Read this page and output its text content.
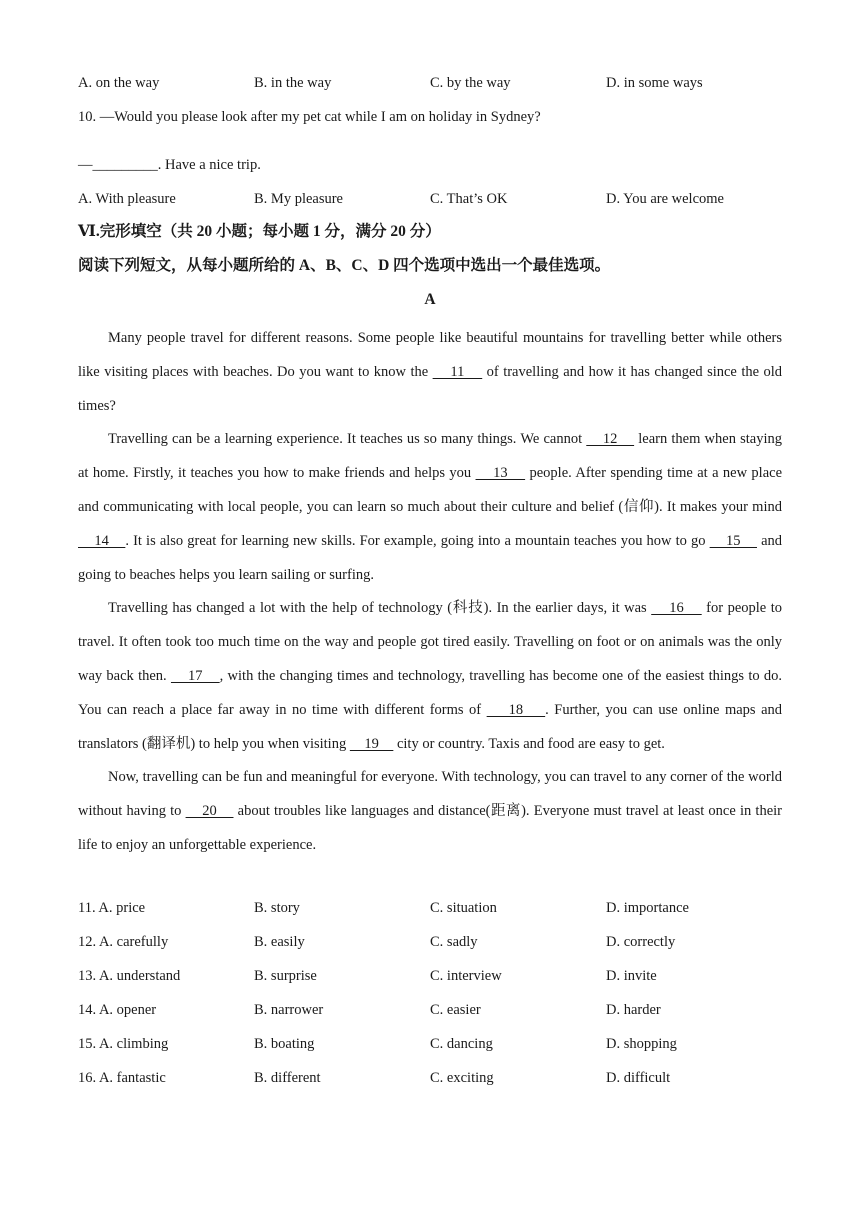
A. on the way	B. in the way	C. by the way	D. in some ways
10. —Would you please look after my pet cat while I am on holiday in Sydney?
—_________. Have a nice trip.
A. With pleasure	B. My pleasure	C. That’s OK	D. You are welcome
Ⅵ.完形填空（共 20 小题；每小题 1 分，满分 20 分）
阅读下列短文，从每小题所给的 A、B、C、D 四个选项中选出一个最佳选项。
A

Many people travel for different reasons. Some people like beautiful mountains for travelling better while others like visiting places with beaches. Do you want to know the     11     of travelling and how it has changed since the old times?

Travelling can be a learning experience. It teaches us so many things. We cannot     12     learn them when staying at home. Firstly, it teaches you how to make friends and helps you     13     people. After spending time at a new place and communicating with local people, you can learn so much about their culture and belief (信仰). It makes your mind     14    . It is also great for learning new skills. For example, going into a mountain teaches you how to go     15     and going to beaches helps you learn sailing or surfing.

Travelling has changed a lot with the help of technology (科技). In the earlier days, it was     16     for people to travel. It often took too much time on the way and people got tired easily. Travelling on foot or on animals was the only way back then.     17    , with the changing times and technology, travelling has become one of the easiest things to do. You can reach a place far away in no time with different forms of     18    . Further, you can use online maps and translators (翻译机) to help you when visiting     19     city or country. Taxis and food are easy to get.

Now, travelling can be fun and meaningful for everyone. With technology, you can travel to any corner of the world without having to     20     about troubles like languages and distance(距离). Everyone must travel at least once in their life to enjoy an unforgettable experience.

11. A. price	B. story	C. situation	D. importance
12. A. carefully	B. easily	C. sadly	D. correctly
13. A. understand	B. surprise	C. interview	D. invite
14. A. opener	B. narrower	C. easier	D. harder
15. A. climbing	B. boating	C. dancing	D. shopping
16. A. fantastic	B. different	C. exciting	D. difficult
